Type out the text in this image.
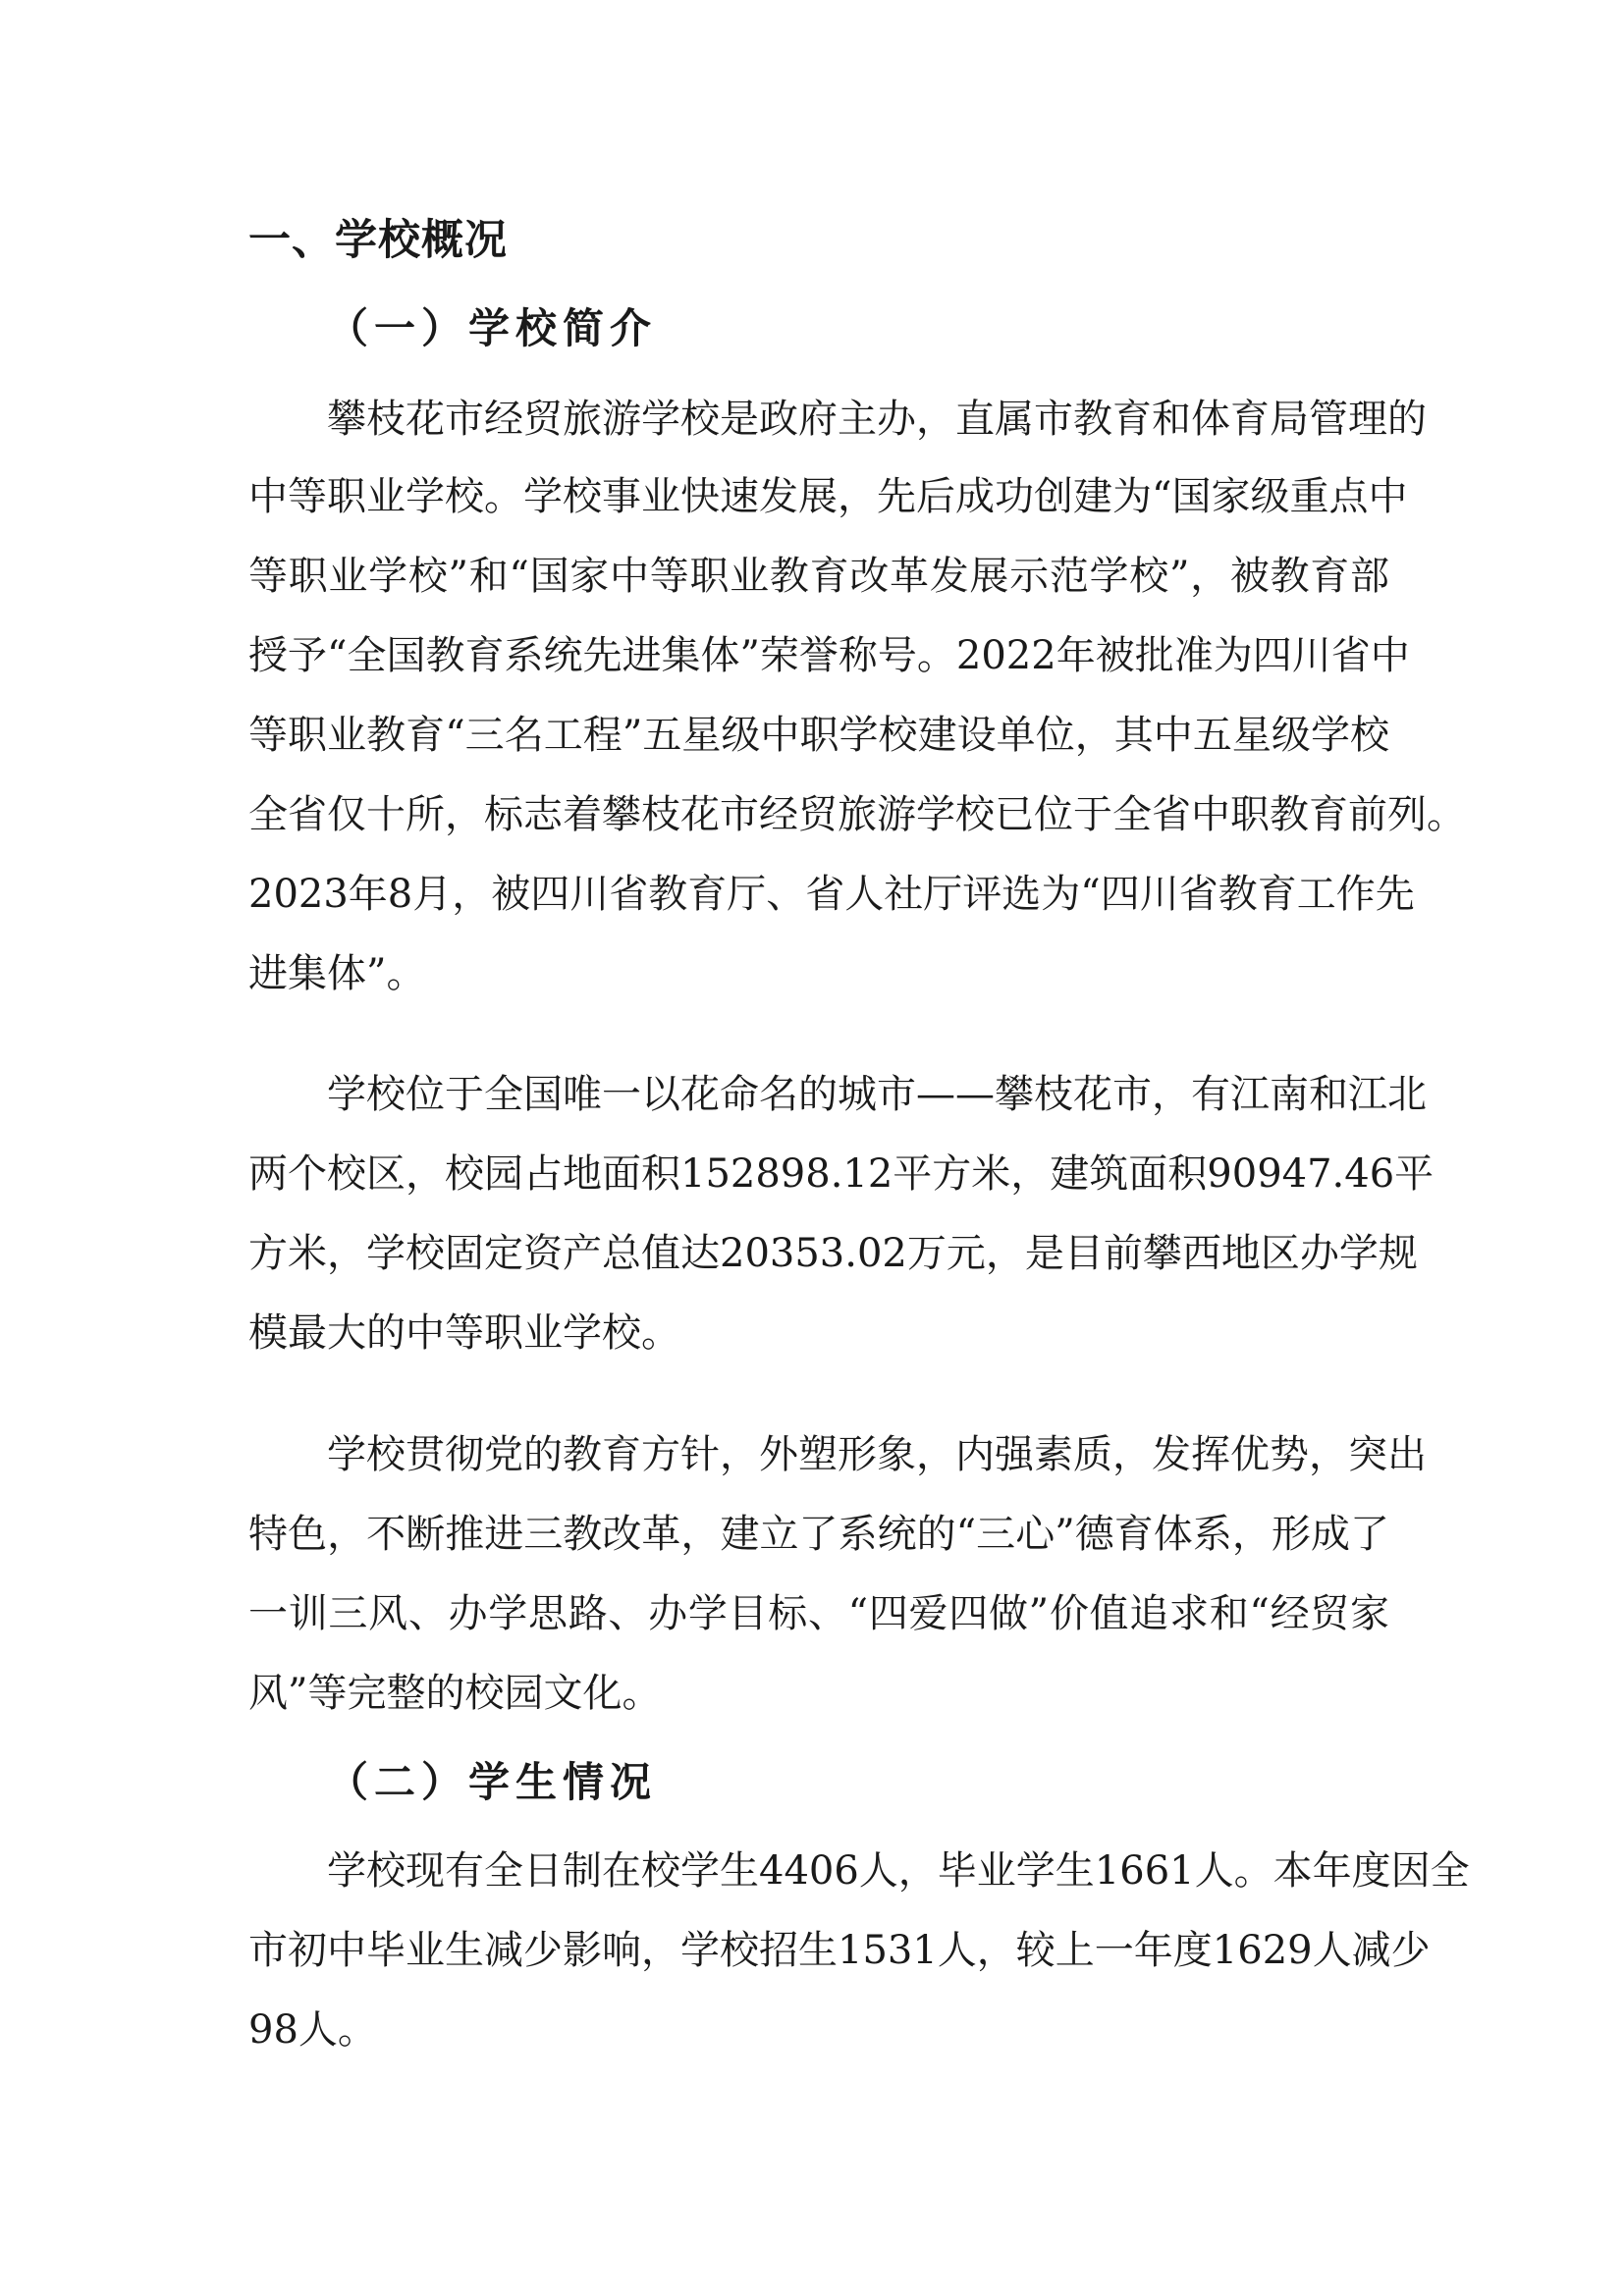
一、学校概况
（一）学校简介
攀枝花市经贸旅游学校是政府主办，直属市教育和体育局管理的
中等职业学校。学校事业快速发展，先后成功创建为“国家级重点中
等职业学校”和“国家中等职业教育改革发展示范学校”，被教育部
授予“全国教育系统先进集体”荣誉称号。2022年被批准为四川省中
等职业教育“三名工程”五星级中职学校建设单位，其中五星级学校
全省仅十所，标志着攀枝花市经贸旅游学校已位于全省中职教育前列。
2023年8月，被四川省教育厅、省人社厅评选为“四川省教育工作先
进集体”。
学校位于全国唯一以花命名的城市——攀枝花市，有江南和江北
两个校区，校园占地面积152898.12平方米，建筑面积90947.46平
方米，学校固定资产总值达20353.02万元，是目前攀西地区办学规
模最大的中等职业学校。
学校贯彻党的教育方针，外塑形象，内强素质，发挥优势，突出
特色，不断推进三教改革，建立了系统的“三心”德育体系，形成了
一训三风、办学思路、办学目标、“四爱四做”价值追求和“经贸家
风”等完整的校园文化。
（二）学生情况
学校现有全日制在校学生4406人，毕业学生1661人。本年度因全
市初中毕业生减少影响，学校招生1531人，较上一年度1629人减少
98人。
